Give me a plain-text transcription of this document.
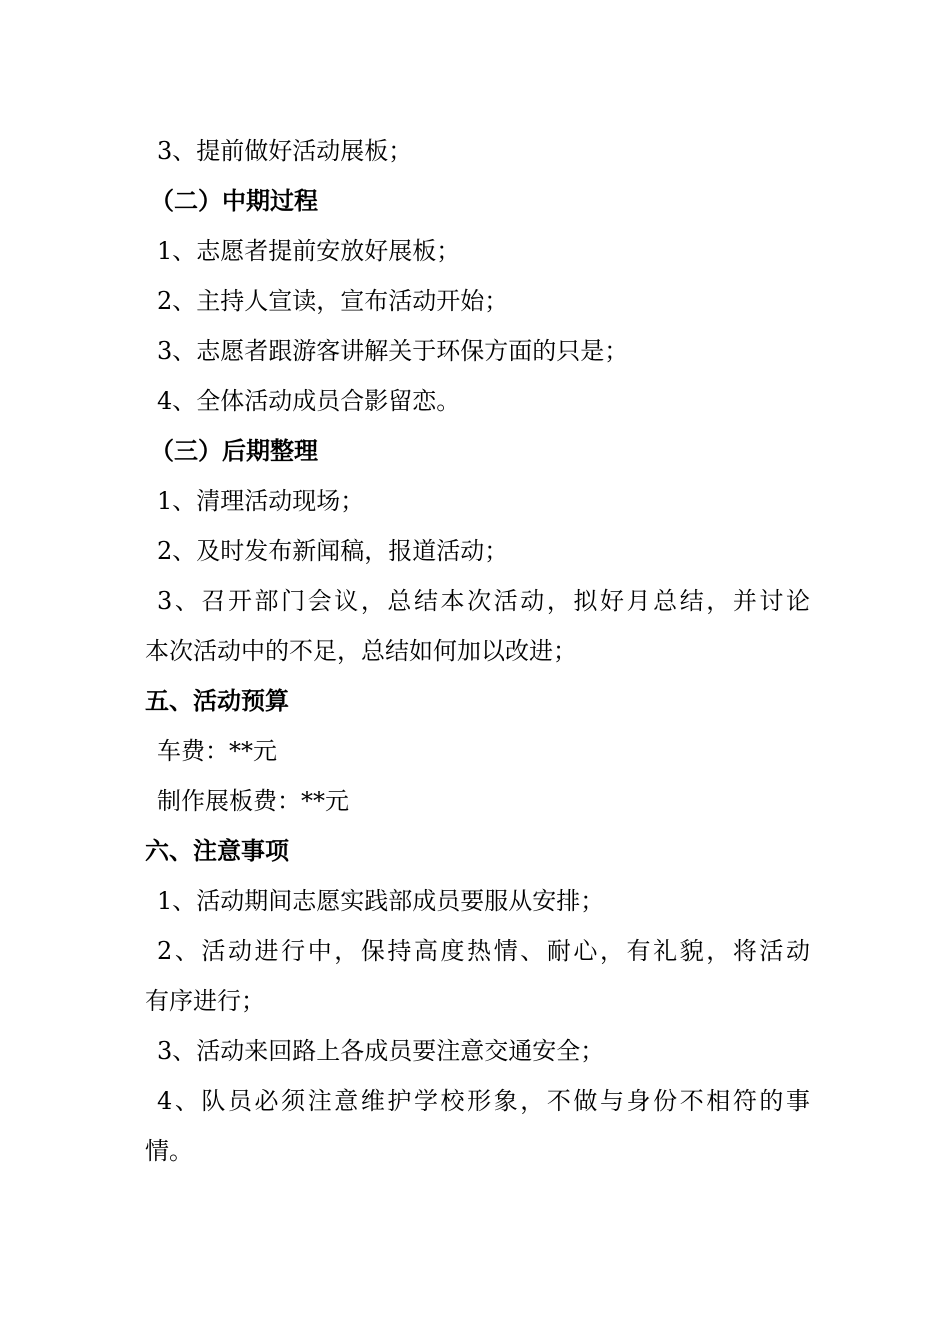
3、提前做好活动展板；
（二）中期过程
1、志愿者提前安放好展板；
2、主持人宣读，宣布活动开始；
3、志愿者跟游客讲解关于环保方面的只是；
4、全体活动成员合影留恋。
（三）后期整理
1、清理活动现场；
2、及时发布新闻稿，报道活动；
3、召开部门会议，总结本次活动，拟好月总结，并讨论
本次活动中的不足，总结如何加以改进；
五、活动预算
车费：**元
制作展板费：**元
六、注意事项
1、活动期间志愿实践部成员要服从安排；
2、活动进行中，保持高度热情、耐心，有礼貌，将活动
有序进行；
3、活动来回路上各成员要注意交通安全；
4、队员必须注意维护学校形象，不做与身份不相符的事
情。
